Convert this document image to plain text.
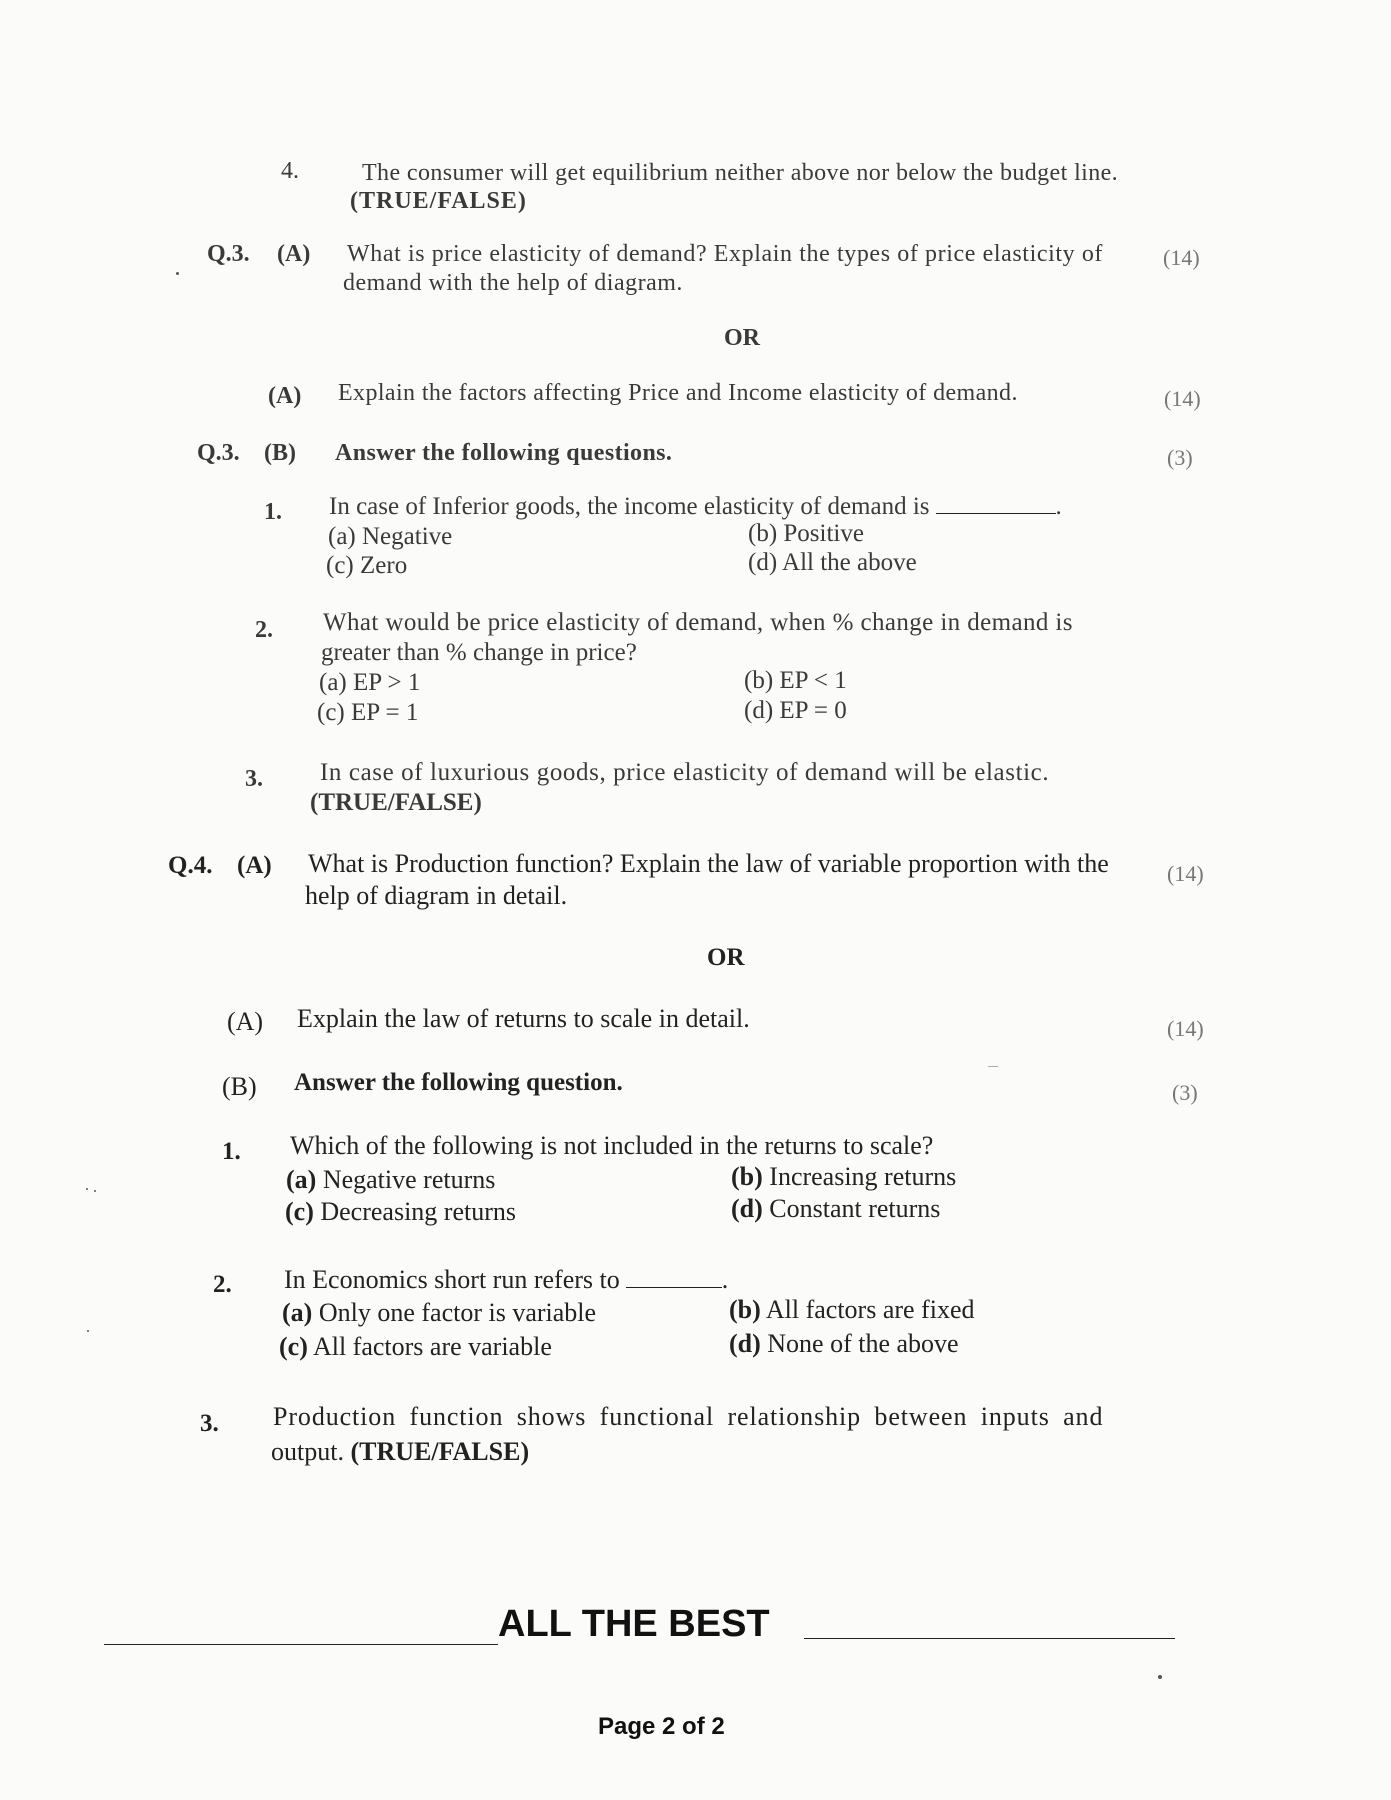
4.	The consumer will get equilibrium neither above nor below the budget line.
(TRUE/FALSE)
Q.3. (A) What is price elasticity of demand? Explain the types of price elasticity of
demand with the help of diagram.
(14)
OR
(A) Explain the factors affecting Price and Income elasticity of demand.	(14)
Q.3. (B) Answer the following questions.	(3)
1. In case of Inferior goods, the income elasticity of demand is	.
(a) Negative	(b) Positive
(c) Zero	(d) All the above
2. What would be price elasticity of demand, when % change in demand is
greater than % change in price?
(a) EP > 1	(b) EP < 1
(c) EP = 1	(d) EP = 0
3. In case of luxurious goods, price elasticity of demand will be elastic.
(TRUE/FALSE)
Q.4. (A) What is Production function? Explain the law of variable proportion with the
help of diagram in detail.
(14)
OR
(A) Explain the law of returns to scale in detail.	(14)
(B) Answer the following question.	(3)
1. Which of the following is not included in the returns to scale?
(a) Negative returns	(b) Increasing returns
(c) Decreasing returns	(d) Constant returns
2. In Economics short run refers to	.
(a) Only one factor is variable	(b) All factors are fixed
(c) All factors are variable	(d) None of the above
3. Production function shows functional relationship between inputs and
output. (TRUE/FALSE)
ALL THE BEST
Page 2 of 2
